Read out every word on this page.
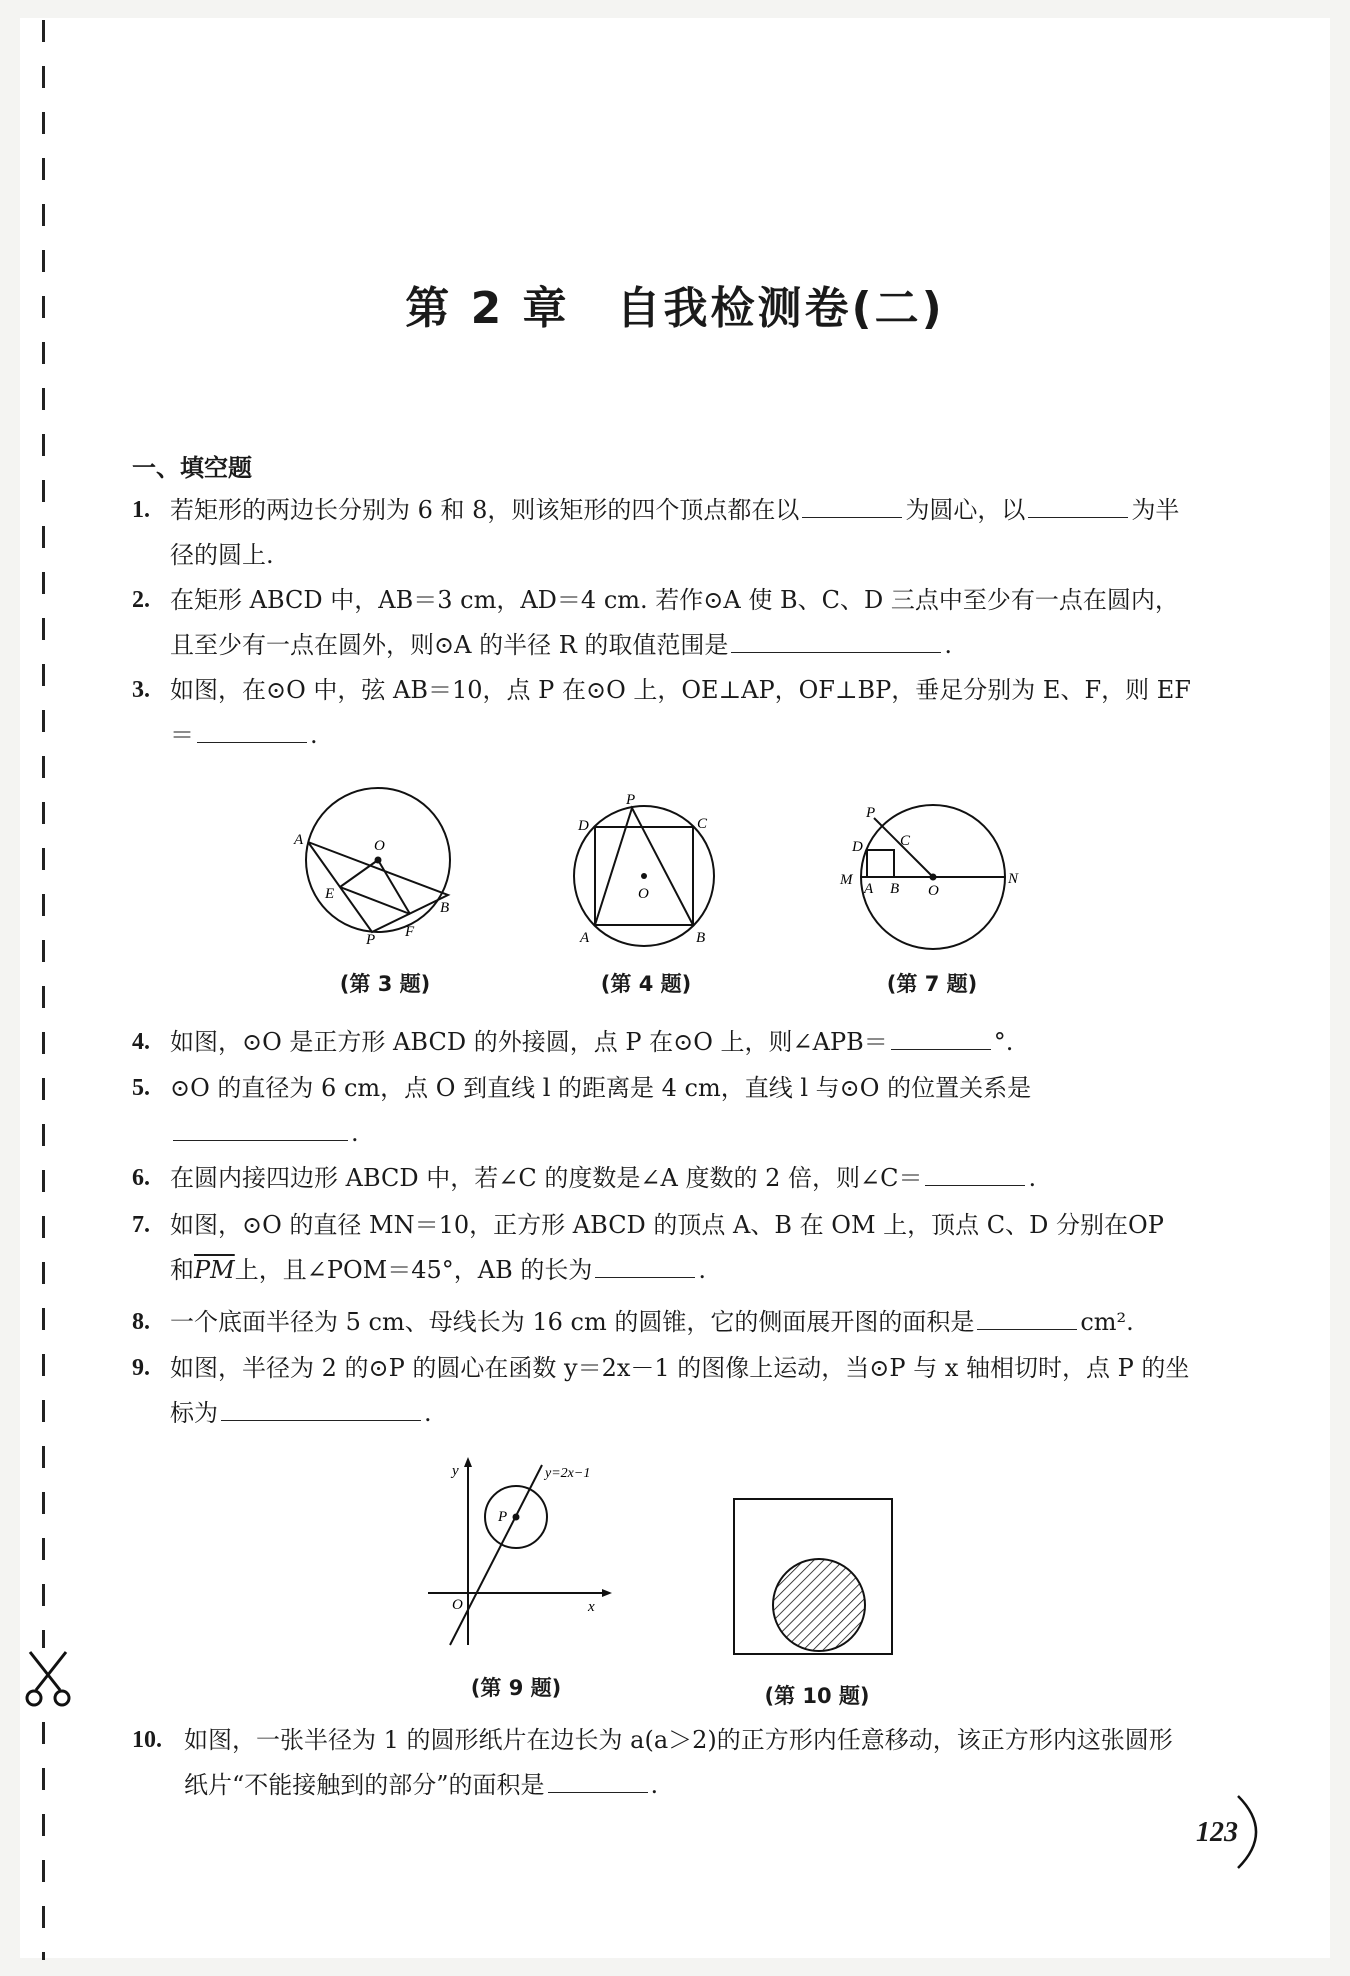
第 2 章　自我检测卷(二)
一、填空题
1. 若矩形的两边长分别为 6 和 8，则该矩形的四个顶点都在以	为圆心，以	为半径的圆上.
2. 在矩形 ABCD 中，AB＝3 cm，AD＝4 cm. 若作⊙A 使 B、C、D 三点中至少有一点在圆内，且至少有一点在圆外，则⊙A 的半径 R 的取值范围是	.
3. 如图，在⊙O 中，弦 AB＝10，点 P 在⊙O 上，OE⊥AP，OF⊥BP，垂足分别为 E、F，则 EF＝	.
A	O
E
B
P F
(第 3 题)
P
D	C
O
A	B
(第 4 题)
P
D C
M
A B O
N
(第 7 题)
4. 如图，⊙O 是正方形 ABCD 的外接圆，点 P 在⊙O 上，则∠APB＝	°.
5. ⊙O 的直径为 6 cm，点 O 到直线 l 的距离是 4 cm，直线 l 与⊙O 的位置关系是.
6. 在圆内接四边形 ABCD 中，若∠C 的度数是∠A 度数的 2 倍，则∠C＝	.
7. 如图，⊙O 的直径 MN＝10，正方形 ABCD 的顶点 A、B 在 OM 上，顶点 C、D 分别在OP 和$\overline{PM}$上，且∠POM＝45°，AB 的长为	.
8. 一个底面半径为 5 cm、母线长为 16 cm 的圆锥，它的侧面展开图的面积是	cm².
9. 如图，半径为 2 的⊙P 的圆心在函数 y＝2x－1 的图像上运动，当⊙P 与 x 轴相切时，点 P 的坐标为	.
y	y=2x−1
P
O	x
(第 9 题)	(第 10 题)
10. 如图，一张半径为 1 的圆形纸片在边长为 a(a＞2)的正方形内任意移动，该正方形内这张圆形纸片“不能接触到的部分”的面积是	.
123
